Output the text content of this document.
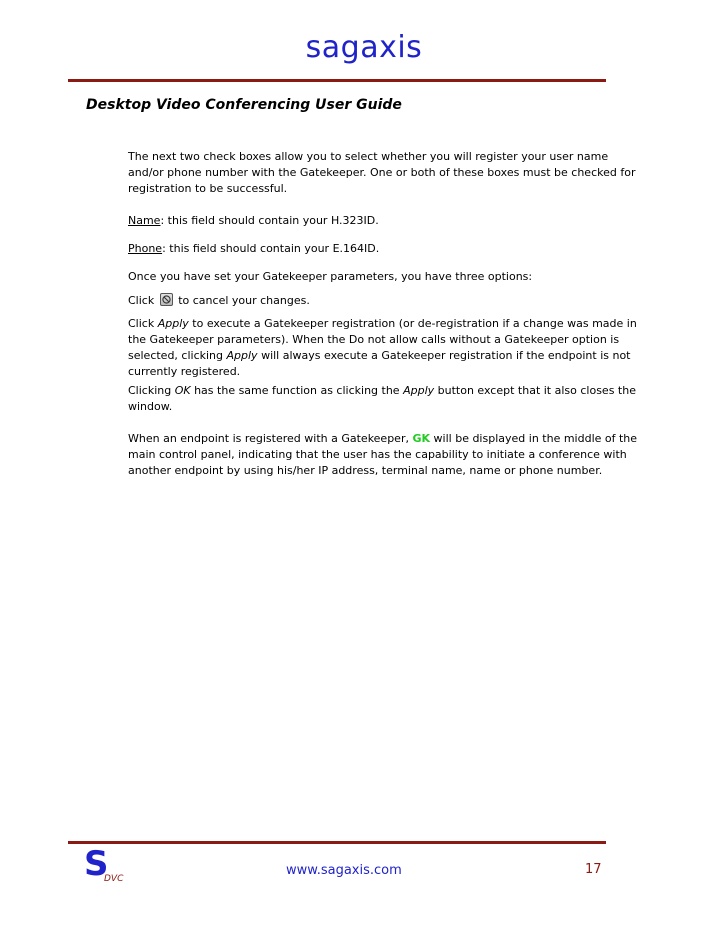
sagaxis
Desktop Video Conferencing User Guide

The next two check boxes allow you to select whether you will register your user name and/or phone number with the Gatekeeper. One or both of these boxes must be checked for registration to be successful.

Name: this field should contain your H.323ID.

Phone: this field should contain your E.164ID.

Once you have set your Gatekeeper parameters, you have three options:

Click to cancel your changes.

Click Apply to execute a Gatekeeper registration (or de-registration if a change was made in the Gatekeeper parameters). When the Do not allow calls without a Gatekeeper option is selected, clicking Apply will always execute a Gatekeeper registration if the endpoint is not currently registered.

Clicking OK has the same function as clicking the Apply button except that it also closes the window.

When an endpoint is registered with a Gatekeeper, GK will be displayed in the middle of the main control panel, indicating that the user has the capability to initiate a conference with another endpoint by using his/her IP address, terminal name, name or phone number.

S
DVC
www.sagaxis.com	17
